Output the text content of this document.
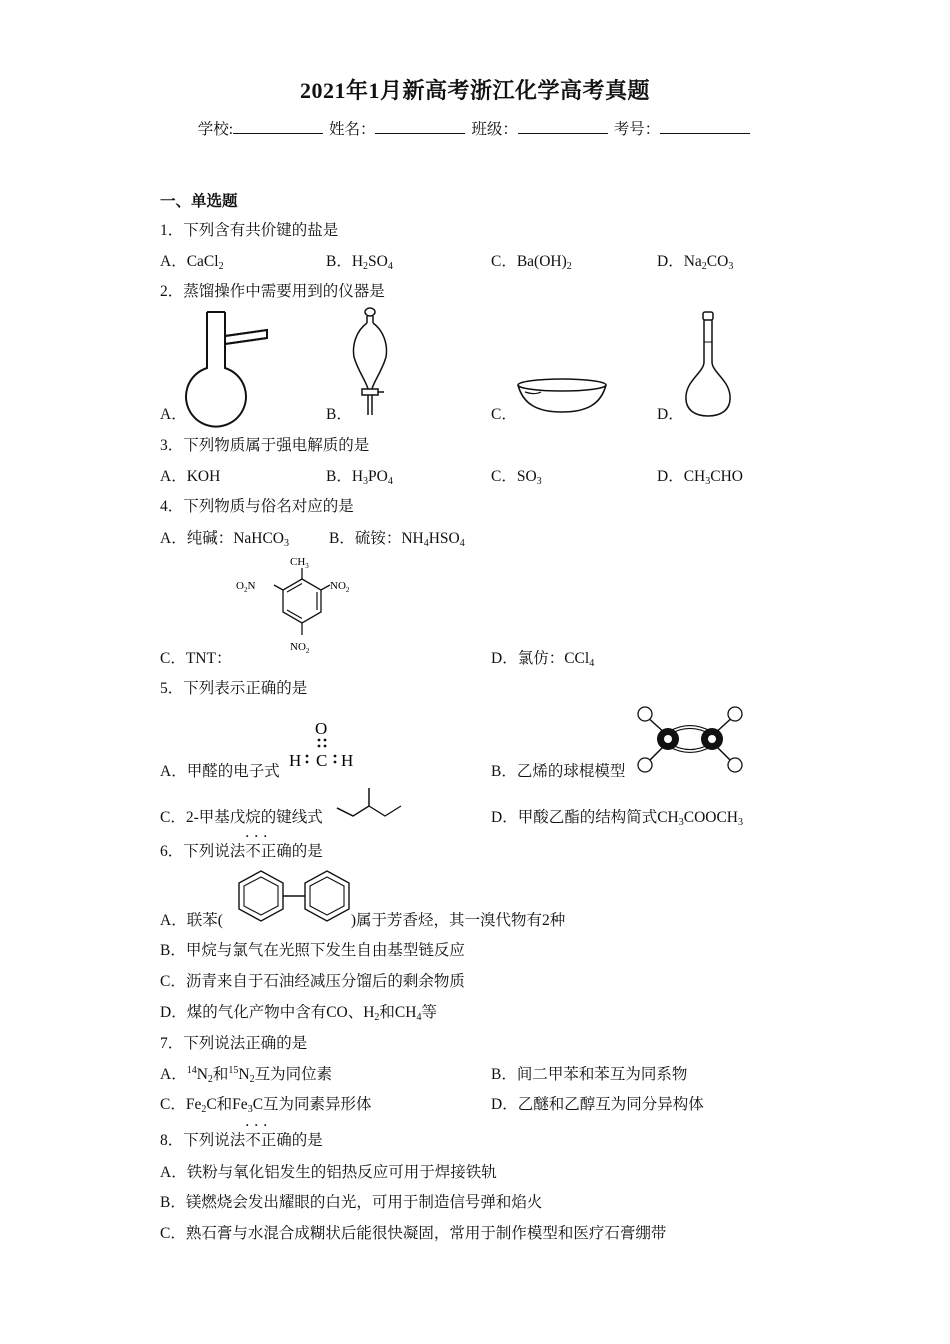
2021年1月新高考浙江化学高考真题
学校:	姓名：	班级：	考号：
一、单选题
1．下列含有共价键的盐是
A．CaCl$_2$	B．$H_2SO_4$	C．$Ba(OH)_2$	D．$Na_2CO_3$
2．蒸馏操作中需要用到的仪器是
A．	B．	C．	D．
3．下列物质属于强电解质的是
A．KOH	B．$H_3PO_4$	C．$SO_3$	D．$CH_3CHO$
4．下列物质与俗名对应的是
A．纯碱：NaHCO$_3$	B．硫铵：$NH_4HSO_4$
C．TNT：	D．氯仿：CCl$_4$
$CH_3$
$O_2N$	$NO_2$
$NO_2$
5．下列表示正确的是
A．甲醛的电子式	B．乙烯的球棍模型
C．2-甲基戊烷的键线式	D．甲酸乙酯的结构简式$CH_3COOCH_3$
O
H C H
6．下列说法· · · 不正确的是
A．联苯(	)属于芳香烃，其一溴代物有2种
B．甲烷与氯气在光照下发生自由基型链反应
C．沥青来自于石油经减压分馏后的剩余物质
D．煤的气化产物中含有CO、$H_2$和$CH_4$等
7．下列说法正确的是
A．$^{14}N_2$和$^{15}N_2$互为同位素	B．间二甲苯和苯互为同系物
C．$Fe_2C$和$Fe_3C$互为同素异形体	D．乙醚和乙醇互为同分异构体
8．下列说法· · · 不正确的是
A．铁粉与氧化铝发生的铝热反应可用于焊接铁轨
B．镁燃烧会发出耀眼的白光，可用于制造信号弹和焰火
C．熟石膏与水混合成糊状后能很快凝固，常用于制作模型和医疗石膏绷带
